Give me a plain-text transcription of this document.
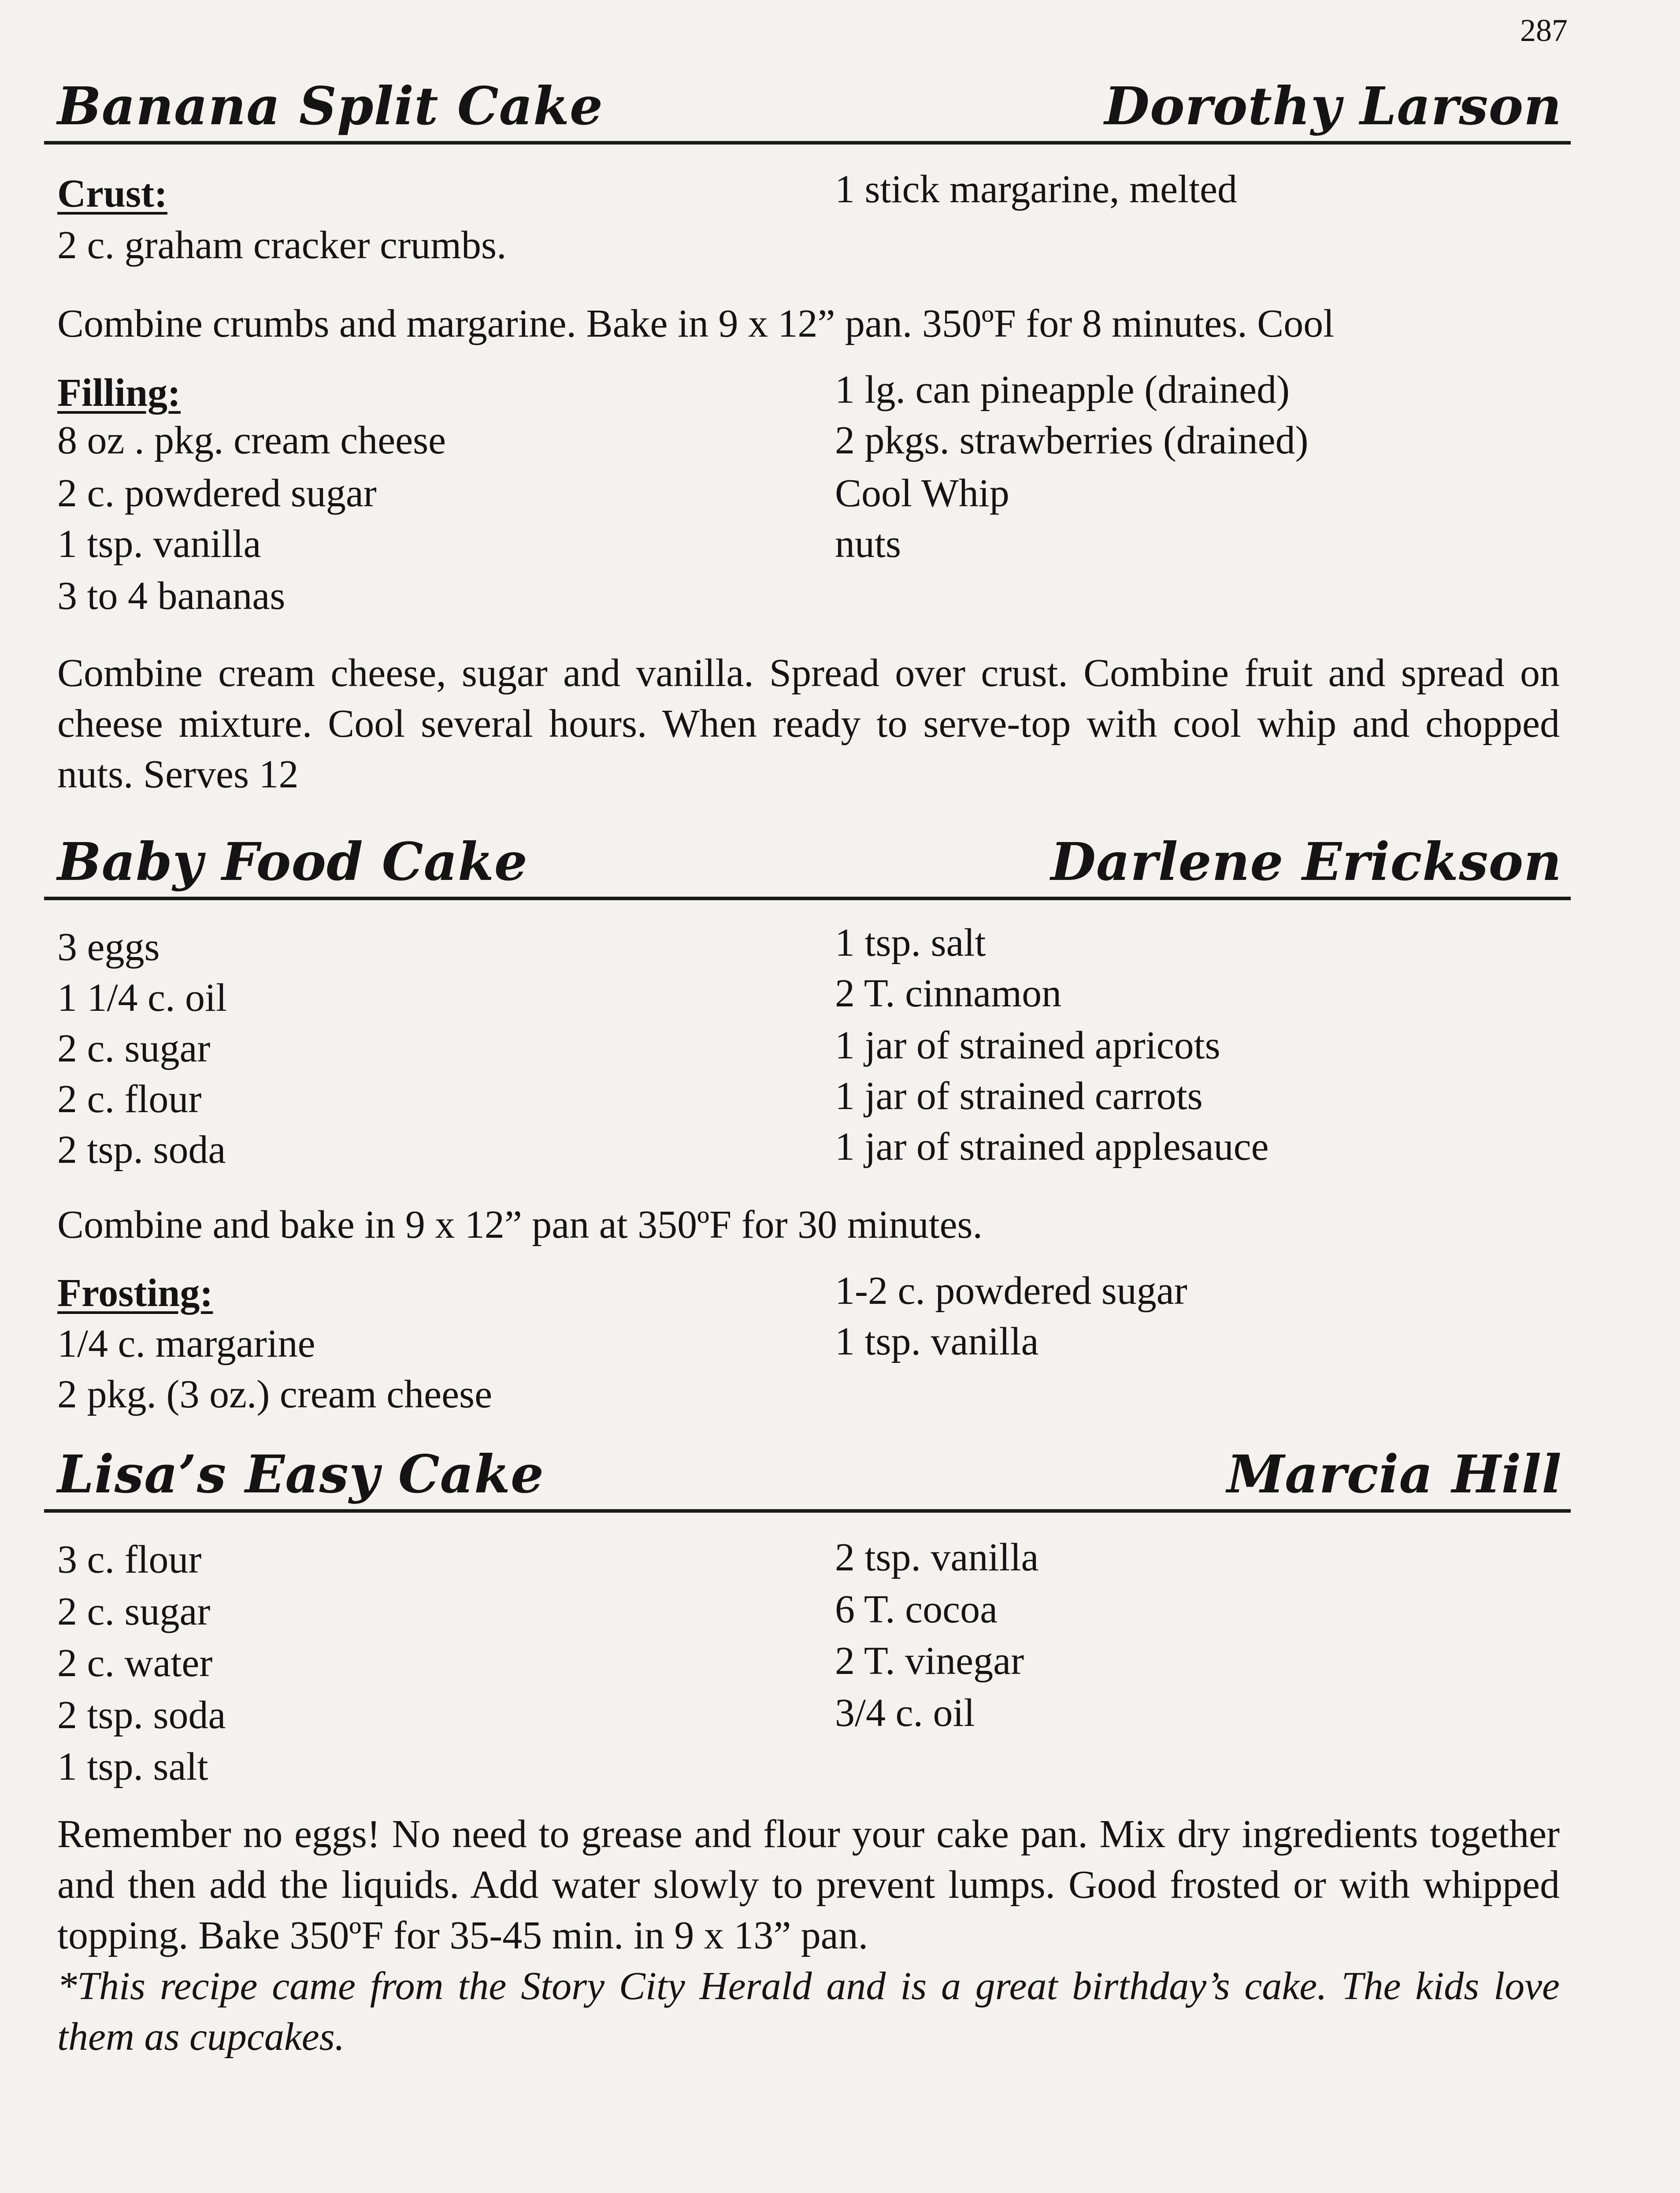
287
Banana Split Cake	Dorothy Larson
Crust:	1 stick margarine, melted
2 c. graham cracker crumbs.
Combine crumbs and margarine. Bake in 9 x 12” pan. 350ºF for 8 minutes. Cool
Filling:	1 lg. can pineapple (drained)
8 oz . pkg. cream cheese	2 pkgs. strawberries (drained)
2 c. powdered sugar	Cool Whip
1 tsp. vanilla	nuts
3 to 4 bananas
Combine cream cheese, sugar and vanilla. Spread over crust. Combine fruit and spread on cheese mixture. Cool several hours. When ready to serve-top with cool whip and chopped nuts. Serves 12
Baby Food Cake	Darlene Erickson
3 eggs	1 tsp. salt
1 1/4 c. oil	2 T. cinnamon
2 c. sugar	1 jar of strained apricots
2 c. flour	1 jar of strained carrots
2 tsp. soda	1 jar of strained applesauce
Combine and bake in 9 x 12” pan at 350ºF for 30 minutes.
Frosting:	1-2 c. powdered sugar
1/4 c. margarine	1 tsp. vanilla
2 pkg. (3 oz.) cream cheese
Lisa’s Easy Cake	Marcia Hill
3 c. flour	2 tsp. vanilla
2 c. sugar	6 T. cocoa
2 c. water	2 T. vinegar
2 tsp. soda	3/4 c. oil
1 tsp. salt
Remember no eggs! No need to grease and flour your cake pan. Mix dry ingredients together and then add the liquids. Add water slowly to prevent lumps. Good frosted or with whipped topping. Bake 350ºF for 35-45 min. in 9 x 13” pan.
*This recipe came from the Story City Herald and is a great birthday’s cake. The kids love them as cupcakes.
